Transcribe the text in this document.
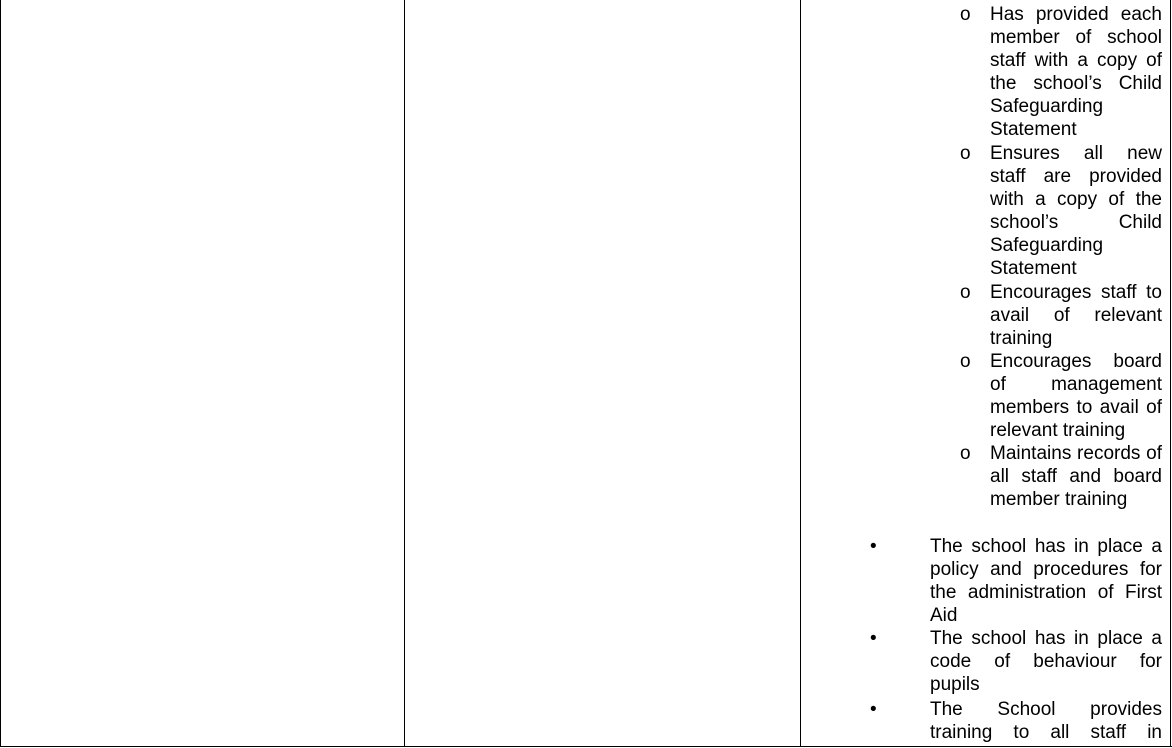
o Has provided each member of school staff with a copy of the school’s Child Safeguarding Statement
o Ensures all new staff are provided with a copy of the school’s Child Safeguarding Statement
o Encourages staff to avail of relevant training
o Encourages board of management members to avail of relevant training
o Maintains records of all staff and board member training
•	The school has in place a policy and procedures for the administration of First Aid
•	The school has in place a code of behaviour for pupils
•	The School provides training to all staff in
